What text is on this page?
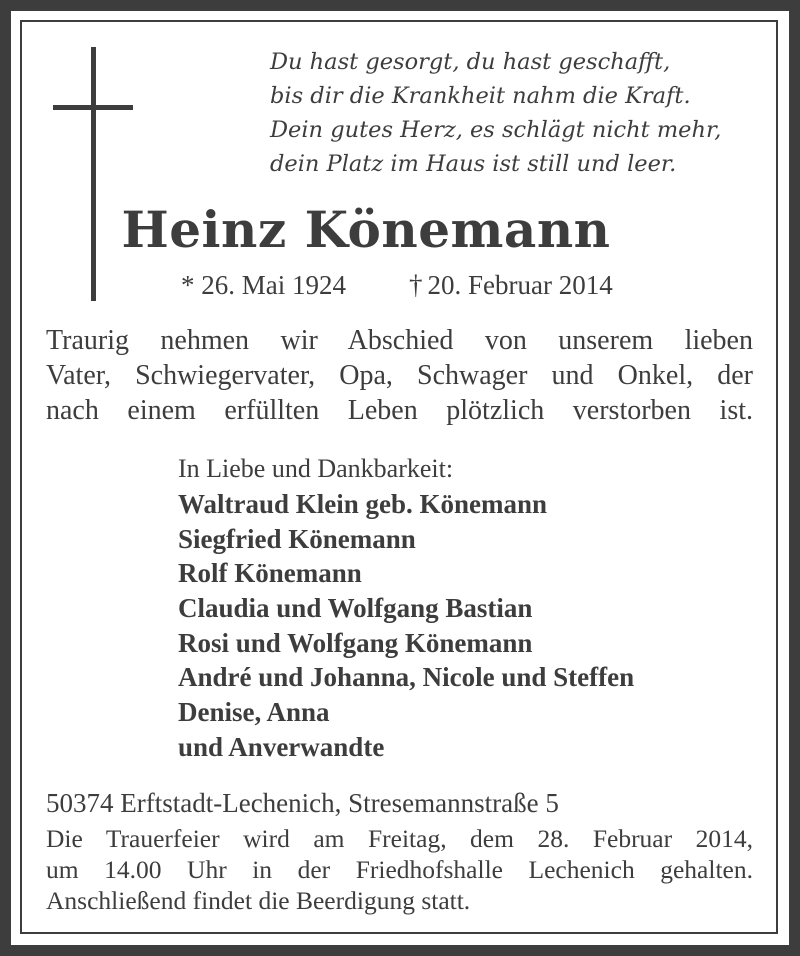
Du hast gesorgt, du hast geschafft,
bis dir die Krankheit nahm die Kraft.
Dein gutes Herz, es schlägt nicht mehr,
dein Platz im Haus ist still und leer.
Heinz Könemann
* 26. Mai 1924 † 20. Februar 2014
Traurig nehmen wir Abschied von unserem lieben
Vater, Schwiegervater, Opa, Schwager und Onkel, der
nach einem erfüllten Leben plötzlich verstorben ist.
In Liebe und Dankbarkeit:
Waltraud Klein geb. Könemann
Siegfried Könemann
Rolf Könemann
Claudia und Wolfgang Bastian
Rosi und Wolfgang Könemann
André und Johanna, Nicole und Steffen
Denise, Anna
und Anverwandte
50374 Erftstadt-Lechenich, Stresemannstraße 5
Die Trauerfeier wird am Freitag, dem 28. Februar 2014,
um 14.00 Uhr in der Friedhofshalle Lechenich gehalten.
Anschließend findet die Beerdigung statt.
